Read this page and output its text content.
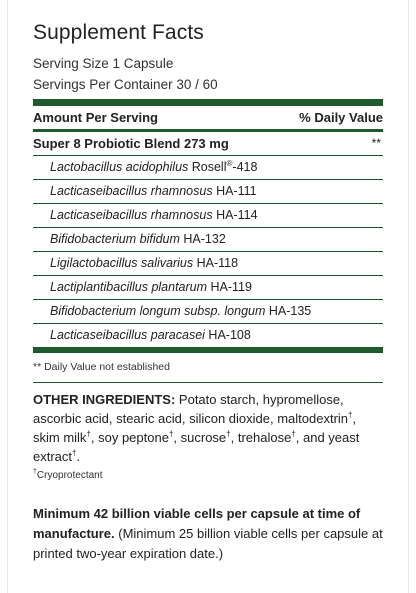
Supplement Facts
Serving Size 1 Capsule
Servings Per Container 30 / 60
Amount Per Serving	% Daily Value
Super 8 Probiotic Blend 273 mg	**
Lactobacillus acidophilus Rosell®-418
Lacticaseibacillus rhamnosus HA-111
Lacticaseibacillus rhamnosus HA-114
Bifidobacterium bifidum HA-132
Ligilactobacillus salivarius HA-118
Lactiplantibacillus plantarum HA-119
Bifidobacterium longum subsp. longum HA-135
Lacticaseibacillus paracasei HA-108
** Daily Value not established
OTHER INGREDIENTS: Potato starch, hypromellose, ascorbic acid, stearic acid, silicon dioxide, maltodextrin†, skim milk†, soy peptone†, sucrose†, trehalose†, and yeast extract†.
†Cryoprotectant
Minimum 42 billion viable cells per capsule at time of manufacture. (Minimum 25 billion viable cells per capsule at printed two-year expiration date.)
